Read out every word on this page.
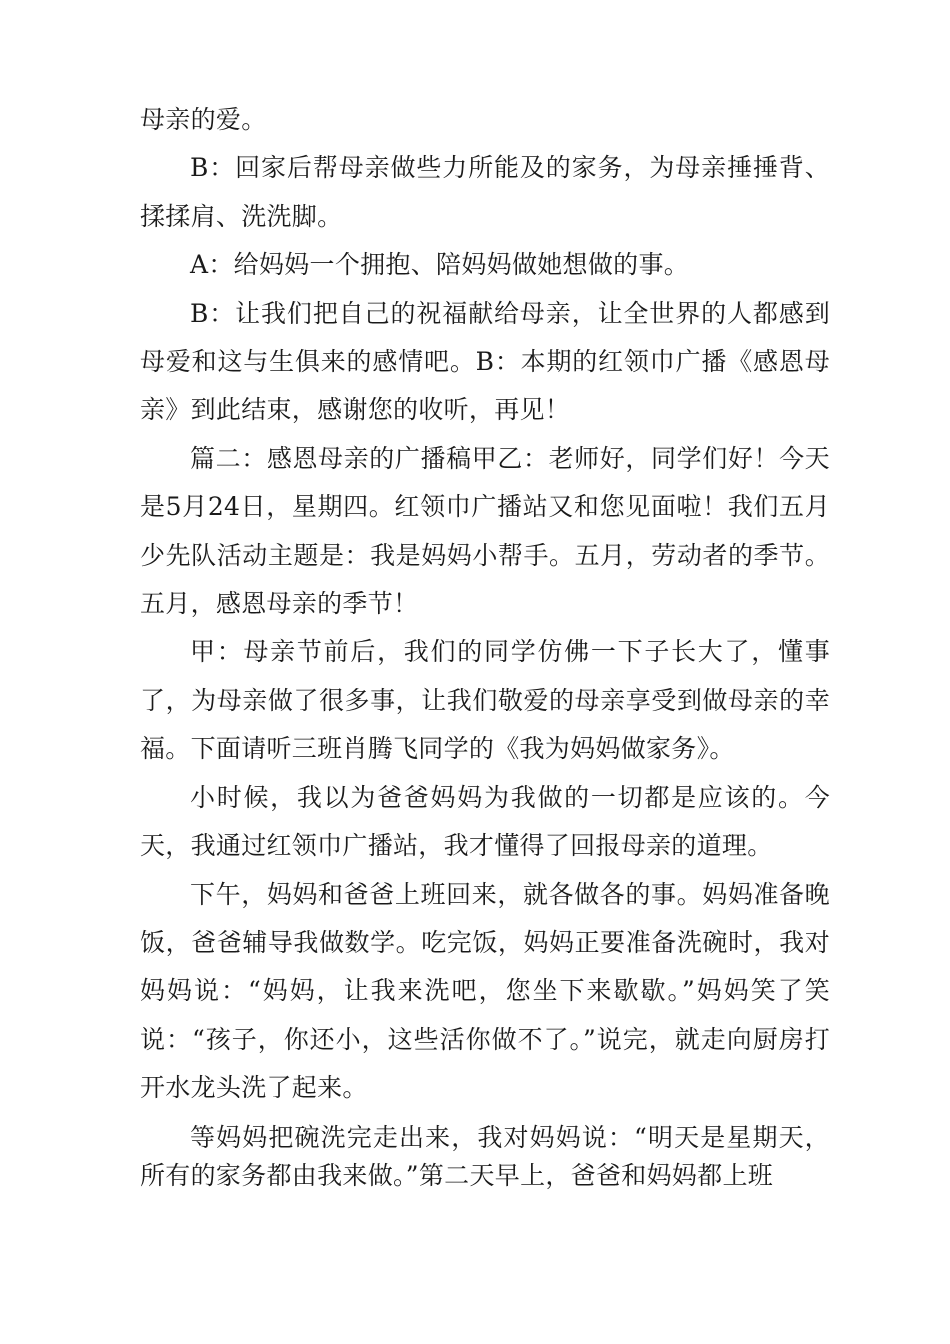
母亲的爱。

B：回家后帮母亲做些力所能及的家务，为母亲捶捶背、揉揉肩、洗洗脚。

A：给妈妈一个拥抱、陪妈妈做她想做的事。

B：让我们把自己的祝福献给母亲，让全世界的人都感到母爱和这与生俱来的感情吧。B：本期的红领巾广播《感恩母亲》到此结束，感谢您的收听，再见！

篇二：感恩母亲的广播稿甲乙：老师好，同学们好！今天是5月24日，星期四。红领巾广播站又和您见面啦！我们五月少先队活动主题是：我是妈妈小帮手。五月，劳动者的季节。五月，感恩母亲的季节！

甲：母亲节前后，我们的同学仿佛一下子长大了，懂事了，为母亲做了很多事，让我们敬爱的母亲享受到做母亲的幸福。下面请听三班肖腾飞同学的《我为妈妈做家务》。

小时候，我以为爸爸妈妈为我做的一切都是应该的。今天，我通过红领巾广播站，我才懂得了回报母亲的道理。

下午，妈妈和爸爸上班回来，就各做各的事。妈妈准备晚饭，爸爸辅导我做数学。吃完饭，妈妈正要准备洗碗时，我对妈妈说：“妈妈，让我来洗吧，您坐下来歇歇。”妈妈笑了笑说：“孩子，你还小，这些活你做不了。”说完，就走向厨房打开水龙头洗了起来。

等妈妈把碗洗完走出来，我对妈妈说：“明天是星期天，所有的家务都由我来做。”第二天早上，爸爸和妈妈都上班
